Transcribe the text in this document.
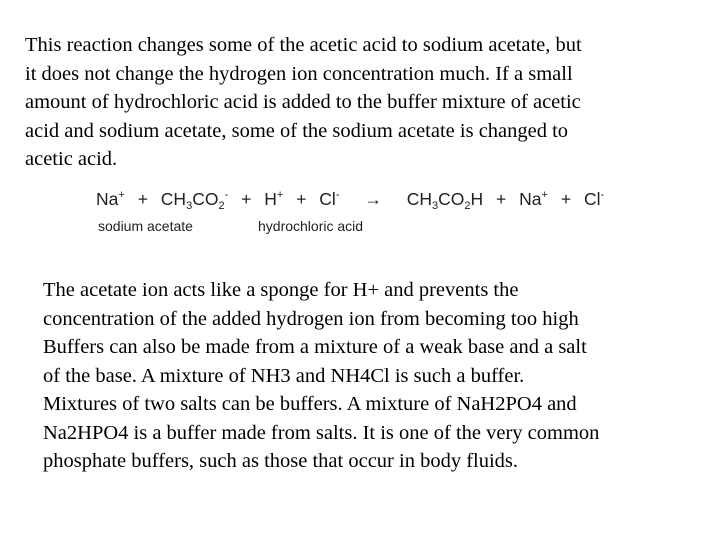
This reaction changes some of the acetic acid to sodium acetate, but
it does not change the hydrogen ion concentration much. If a small
amount of hydrochloric acid is added to the buffer mixture of acetic
acid and sodium acetate, some of the sodium acetate is changed to
acetic acid.
$Na^+ + CH_3CO_2^- + H^+ + Cl^- \to CH_3CO_2H + Na^+ + Cl^-$
sodium acetate	hydrochloric acid
The acetate ion acts like a sponge for H+ and prevents the
concentration of the added hydrogen ion from becoming too high
Buffers can also be made from a mixture of a weak base and a salt
of the base. A mixture of NH3 and NH4Cl is such a buffer.
Mixtures of two salts can be buffers. A mixture of NaH2PO4 and
Na2HPO4 is a buffer made from salts. It is one of the very common
phosphate buffers, such as those that occur in body fluids.
